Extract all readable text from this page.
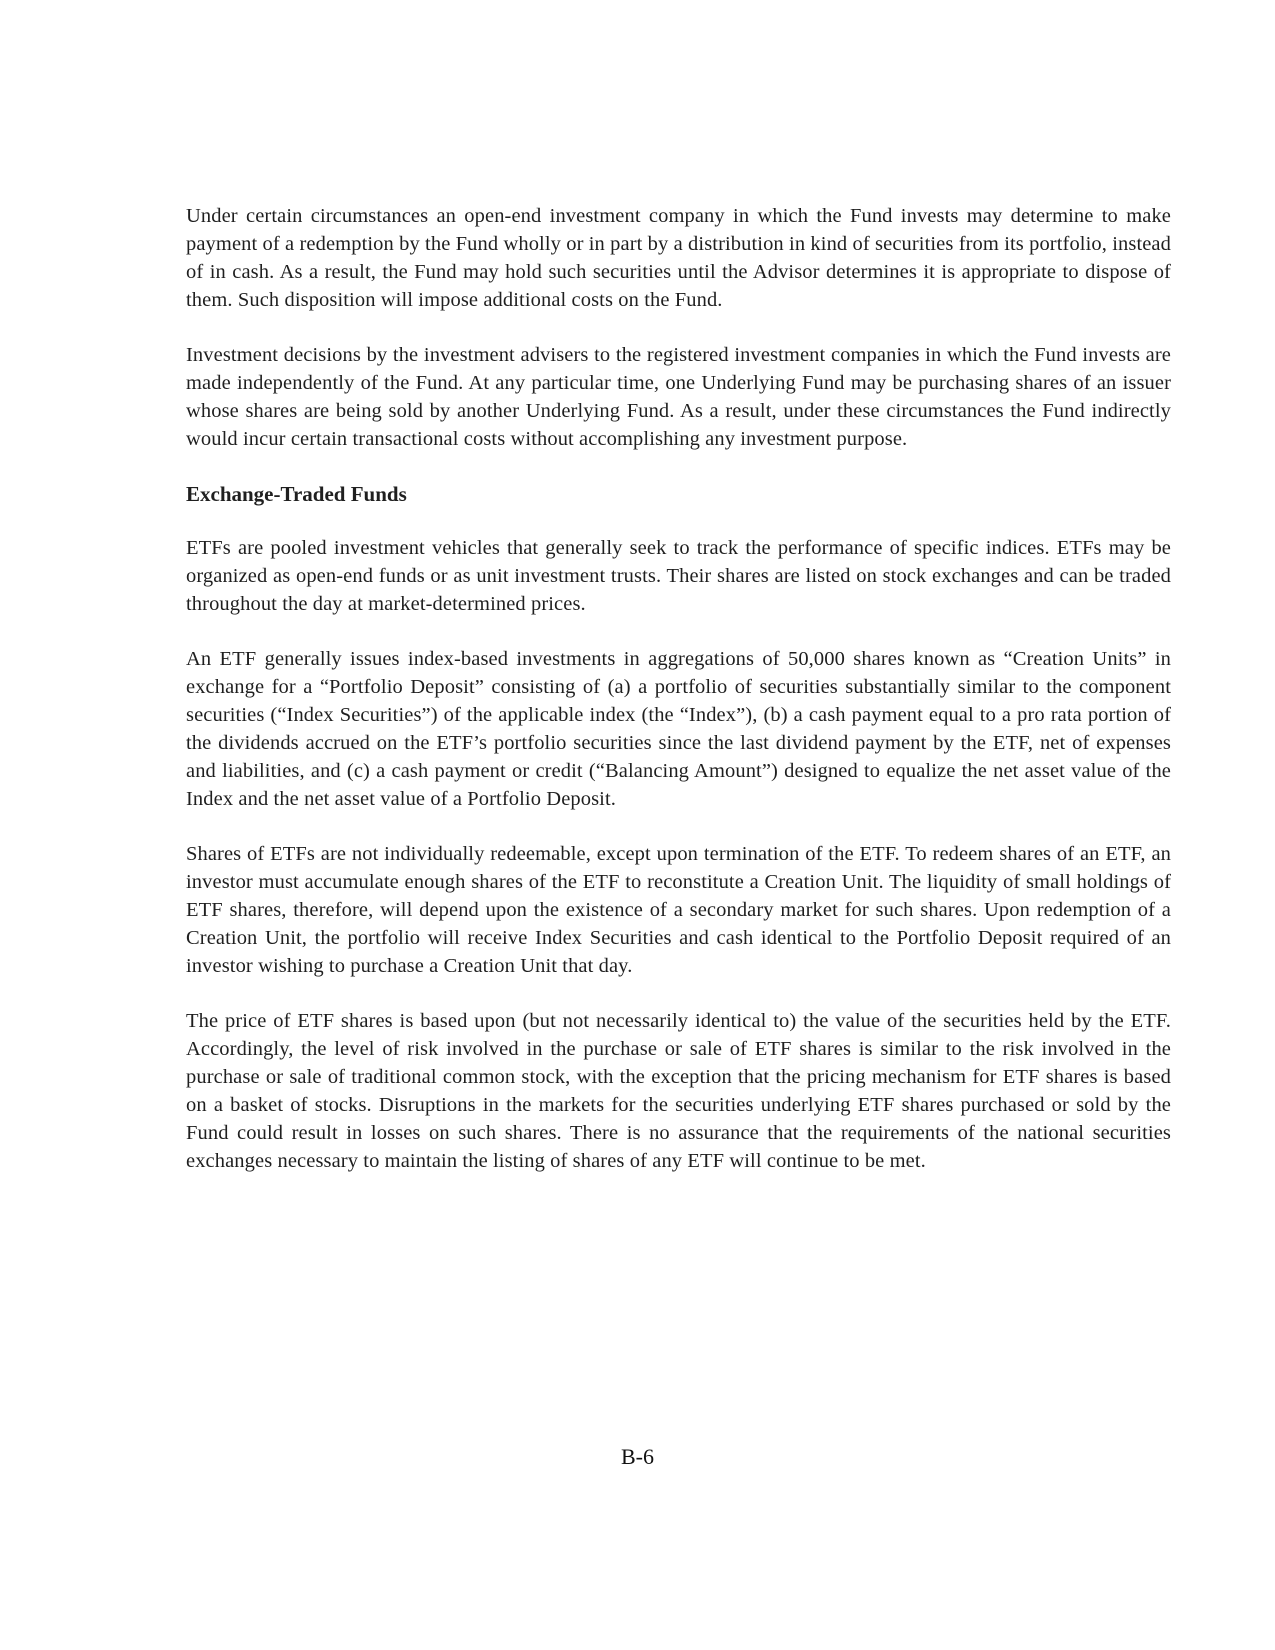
Under certain circumstances an open-end investment company in which the Fund invests may determine to make payment of a redemption by the Fund wholly or in part by a distribution in kind of securities from its portfolio, instead of in cash. As a result, the Fund may hold such securities until the Advisor determines it is appropriate to dispose of them. Such disposition will impose additional costs on the Fund.

Investment decisions by the investment advisers to the registered investment companies in which the Fund invests are made independently of the Fund. At any particular time, one Underlying Fund may be purchasing shares of an issuer whose shares are being sold by another Underlying Fund. As a result, under these circumstances the Fund indirectly would incur certain transactional costs without accomplishing any investment purpose.

Exchange-Traded Funds

ETFs are pooled investment vehicles that generally seek to track the performance of specific indices. ETFs may be organized as open-end funds or as unit investment trusts. Their shares are listed on stock exchanges and can be traded throughout the day at market-determined prices.

An ETF generally issues index-based investments in aggregations of 50,000 shares known as “Creation Units” in exchange for a “Portfolio Deposit” consisting of (a) a portfolio of securities substantially similar to the component securities (“Index Securities”) of the applicable index (the “Index”), (b) a cash payment equal to a pro rata portion of the dividends accrued on the ETF’s portfolio securities since the last dividend payment by the ETF, net of expenses and liabilities, and (c) a cash payment or credit (“Balancing Amount”) designed to equalize the net asset value of the Index and the net asset value of a Portfolio Deposit.

Shares of ETFs are not individually redeemable, except upon termination of the ETF. To redeem shares of an ETF, an investor must accumulate enough shares of the ETF to reconstitute a Creation Unit. The liquidity of small holdings of ETF shares, therefore, will depend upon the existence of a secondary market for such shares. Upon redemption of a Creation Unit, the portfolio will receive Index Securities and cash identical to the Portfolio Deposit required of an investor wishing to purchase a Creation Unit that day.

The price of ETF shares is based upon (but not necessarily identical to) the value of the securities held by the ETF. Accordingly, the level of risk involved in the purchase or sale of ETF shares is similar to the risk involved in the purchase or sale of traditional common stock, with the exception that the pricing mechanism for ETF shares is based on a basket of stocks. Disruptions in the markets for the securities underlying ETF shares purchased or sold by the Fund could result in losses on such shares. There is no assurance that the requirements of the national securities exchanges necessary to maintain the listing of shares of any ETF will continue to be met.

B-6
